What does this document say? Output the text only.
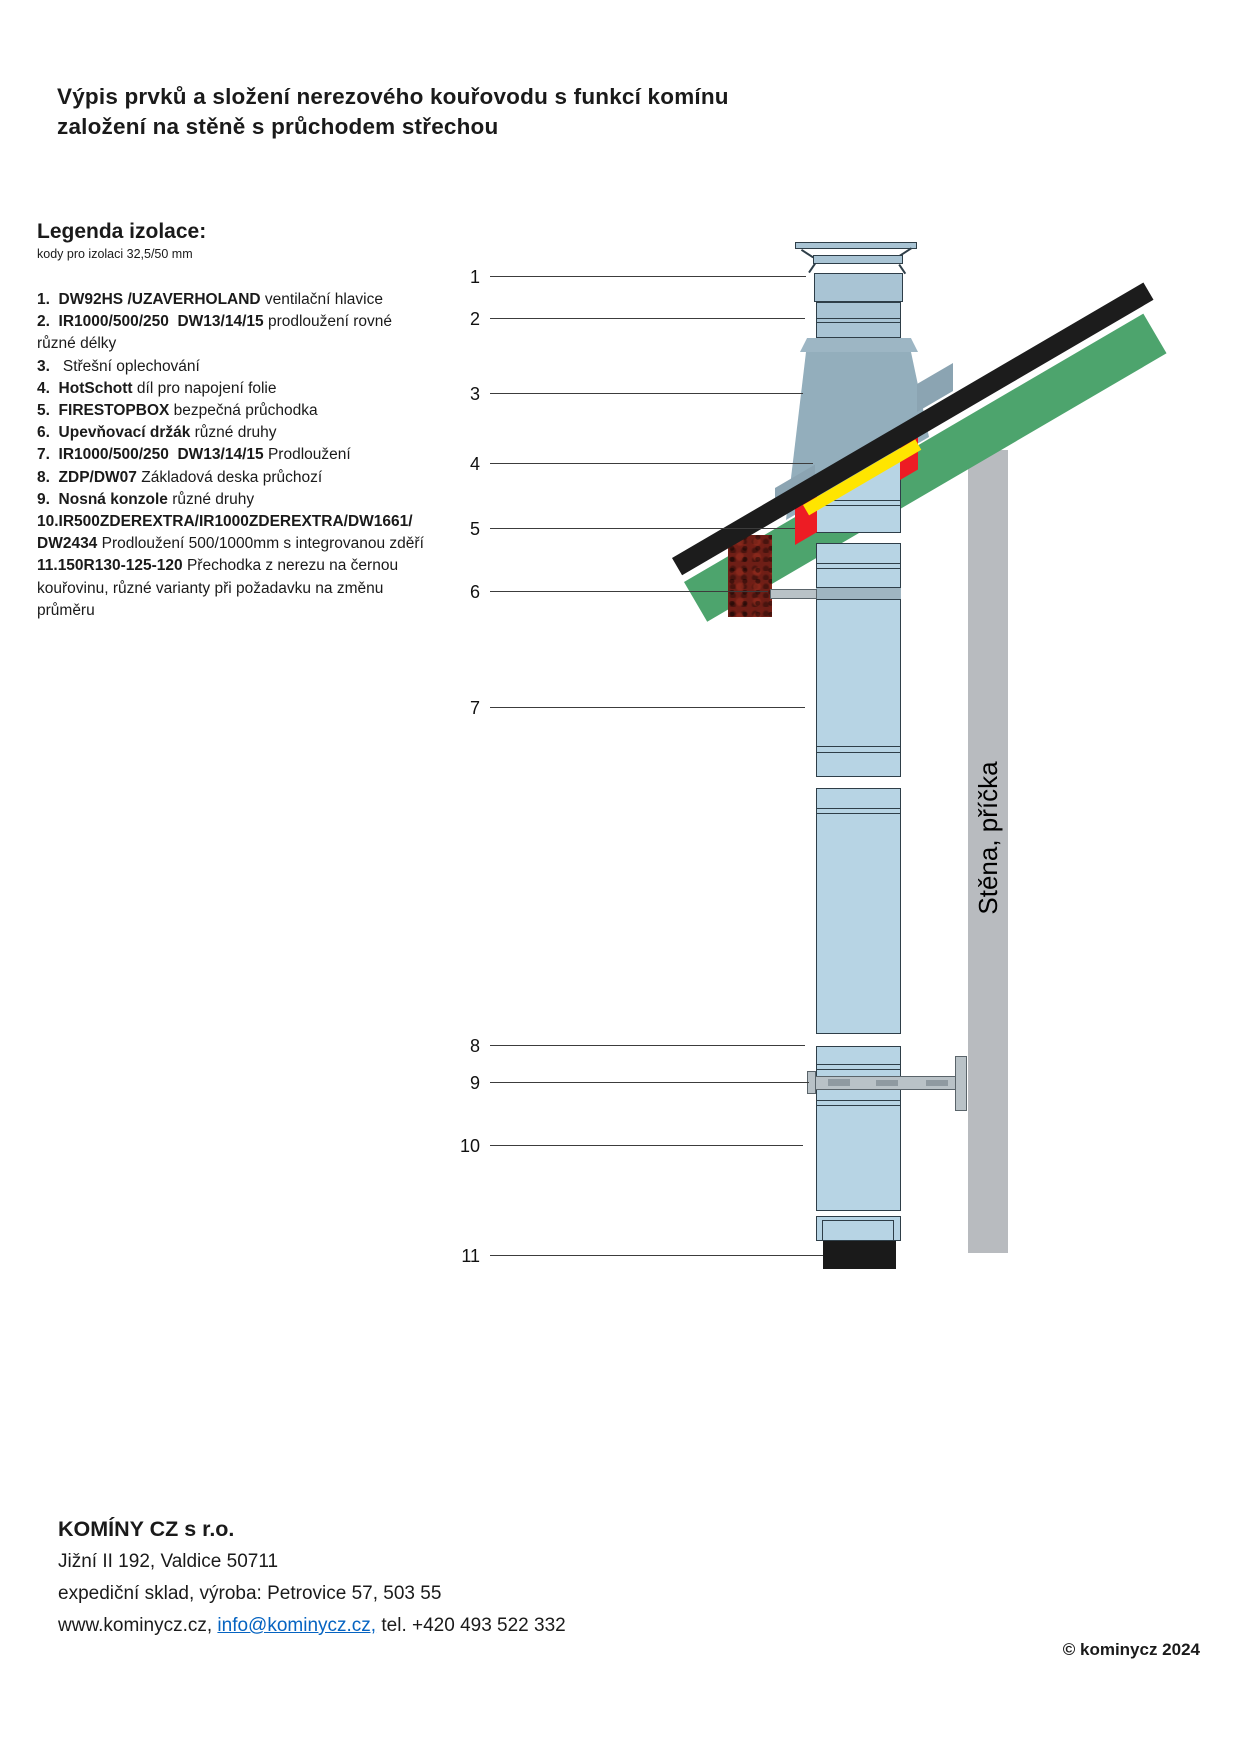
Výpis prvků a složení nerezového kouřovodu s funkcí komínu
založení na stěně s průchodem střechou
Legenda izolace:
kody pro izolaci 32,5/50 mm
1.  DW92HS /UZAVERHOLAND ventilační hlavice
2.  IR1000/500/250  DW13/14/15 prodloužení rovné
různé délky
3.   Střešní oplechování
4.  HotSchott díl pro napojení folie
5.  FIRESTOPBOX bezpečná průchodka
6.  Upevňovací držák různé druhy
7.  IR1000/500/250  DW13/14/15 Prodloužení
8.  ZDP/DW07 Základová deska průchozí
9.  Nosná konzole různé druhy
10.IR500ZDEREXTRA/IR1000ZDEREXTRA/DW1661/
DW2434 Prodloužení 500/1000mm s integrovanou zděří
11.150R130-125-120 Přechodka z nerezu na černou
kouřovinu, různé varianty při požadavku na změnu
průměru
1
2
3
4
5
6
7
8
9
10
11
Stěna, příčka
KOMÍNY CZ s r.o.
Jižní II 192, Valdice 50711
expediční sklad, výroba: Petrovice 57, 503 55
www.kominycz.cz, info@kominycz.cz, tel. +420 493 522 332
© kominycz 2024
